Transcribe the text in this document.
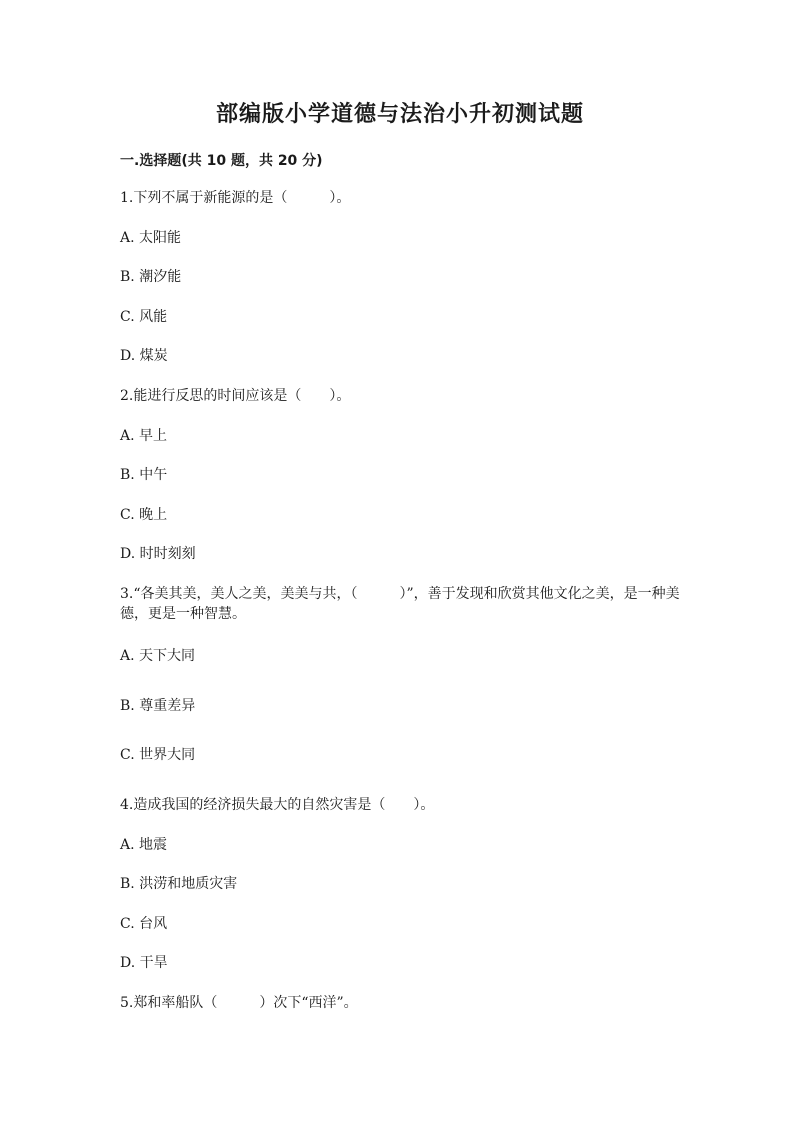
部编版小学道德与法治小升初测试题
一.选择题(共 10 题，共 20 分)
1.下列不属于新能源的是（　　　）。
A. 太阳能
B. 潮汐能
C. 风能
D. 煤炭
2.能进行反思的时间应该是（　　）。
A. 早上
B. 中午
C. 晚上
D. 时时刻刻
3.“各美其美，美人之美，美美与共，（　　　）”，善于发现和欣赏其他文化之美，是一种美德，更是一种智慧。
A. 天下大同
B. 尊重差异
C. 世界大同
4.造成我国的经济损失最大的自然灾害是（　　）。
A. 地震
B. 洪涝和地质灾害
C. 台风
D. 干旱
5.郑和率船队（　　　）次下“西洋”。
